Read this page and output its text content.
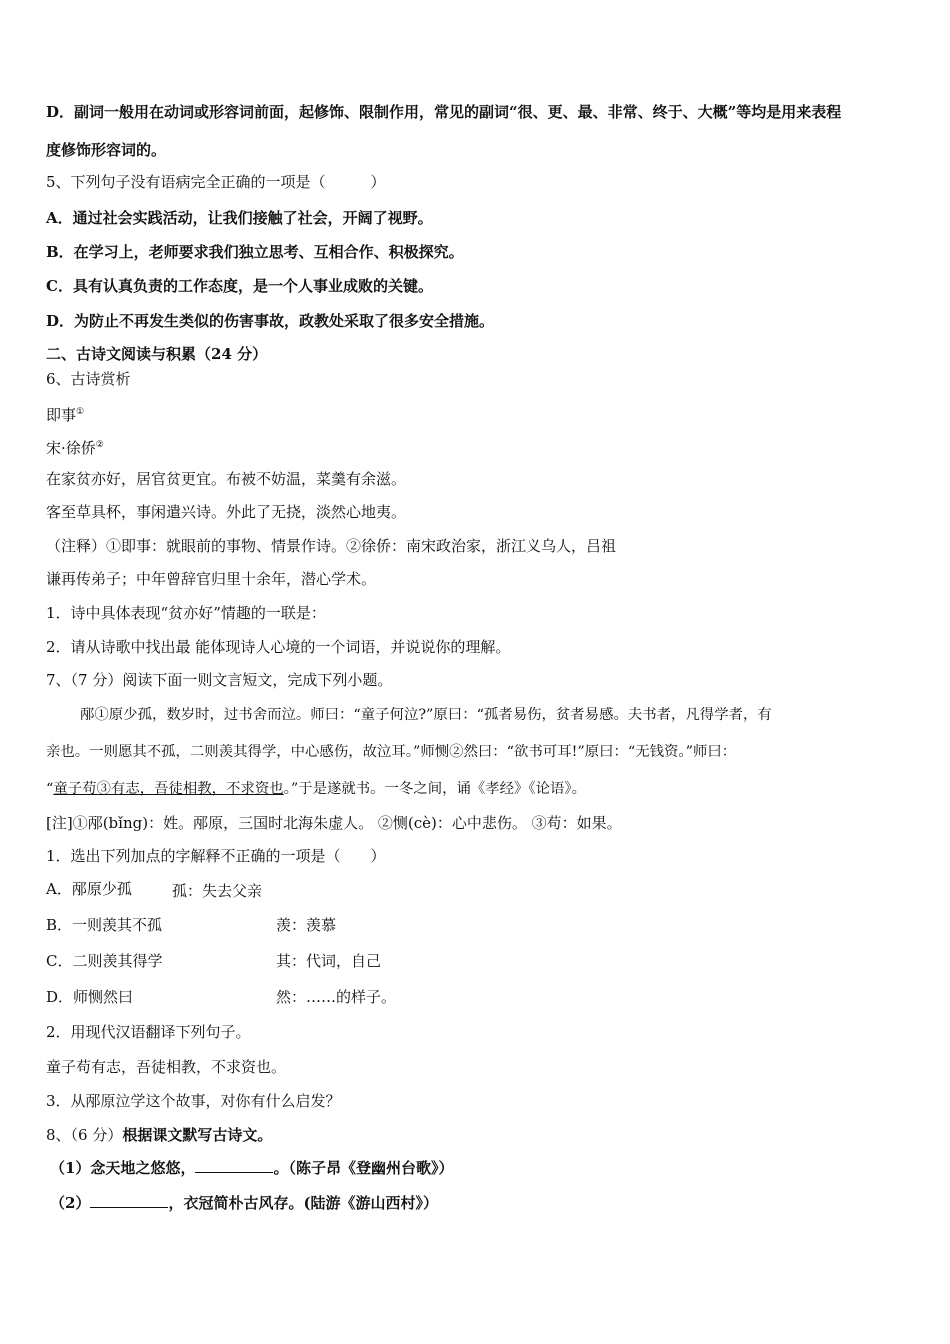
D．副词一般用在动词或形容词前面，起修饰、限制作用，常见的副词“很、更、最、非常、终于、大概”等均是用来表程
度修饰形容词的。
5、下列句子没有语病完全正确的一项是（　　　）
A．通过社会实践活动，让我们接触了社会，开阔了视野。
B．在学习上，老师要求我们独立思考、互相合作、积极探究。
C．具有认真负责的工作态度，是一个人事业成败的关键。
D．为防止不再发生类似的伤害事故，政教处采取了很多安全措施。
二、古诗文阅读与积累（24 分）
6、古诗赏析
即事①
宋·徐侨②
在家贫亦好，居官贫更宜。布被不妨温，菜羹有余滋。
客至草具杯，事闲遣兴诗。外此了无挠，淡然心地夷。
（注释）①即事：就眼前的事物、情景作诗。②徐侨：南宋政治家，浙江义乌人，吕祖
谦再传弟子；中年曾辞官归里十余年，潜心学术。
1．诗中具体表现“贫亦好”情趣的一联是：
2．请从诗歌中找出最 能体现诗人心境的一个词语，并说说你的理解。
7、（7 分）阅读下面一则文言短文，完成下列小题。
邴①原少孤，数岁时，过书舍而泣。师曰：“童子何泣?”原曰：“孤者易伤，贫者易感。夫书者，凡得学者，有
亲也。一则愿其不孤，二则羡其得学，中心感伤，故泣耳。”师恻②然曰：“欲书可耳!”原曰：“无钱资。”师曰：
“童子苟③有志，吾徒相教，不求资也。”于是遂就书。一冬之间，诵《孝经》《论语》。
[注]①邴(bǐng)：姓。邴原，三国时北海朱虚人。 ②恻(cè)：心中悲伤。 ③苟：如果。
1．选出下列加点的字解释不正确的一项是（　　）
A．邴原少孤	孤：失去父亲
B．一则羡其不孤	羡：羡慕
C．二则羡其得学	其：代词，自己
D．师恻然曰	然：……的样子。
2．用现代汉语翻译下列句子。
童子苟有志，吾徒相教，不求资也。
3．从邴原泣学这个故事，对你有什么启发？
8、（6 分）根据课文默写古诗文。
（1）念天地之悠悠，	。（陈子昂《登幽州台歌》）
（2）	，衣冠简朴古风存。(陆游《游山西村》）
